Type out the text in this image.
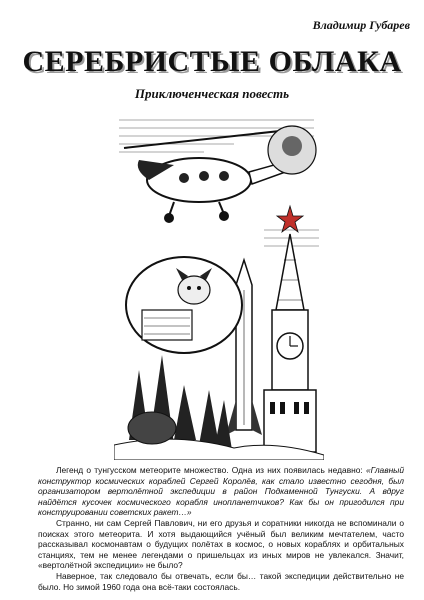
Владимир Губарев
СЕРЕБРИСТЫЕ ОБЛАКА
Приключенческая повесть

Легенд о тунгусском метеорите множество. Одна из них появилась недавно: «Главный конструктор космических кораблей Сергей Королёв, как стало известно сегодня, был организатором вертолётной экспедиции в район Подкаменной Тунгуски. А вдруг найдётся кусочек космического корабля инопланетчиков? Как бы он пригодился при конструировании советских ракет…»

Странно, ни сам Сергей Павлович, ни его друзья и соратники никогда не вспоминали о поисках этого метеорита. И хотя выдающийся учёный был великим мечтателем, часто рассказывал космонавтам о будущих полётах в космос, о новых кораблях и орбитальных станциях, тем не менее легендами о пришельцах из иных миров не увлекался. Значит, «вертолётной экспедиции» не было?

Наверное, так следовало бы отвечать, если бы… такой экспедиции действительно не было. Но зимой 1960 года она всё-таки состоялась.
